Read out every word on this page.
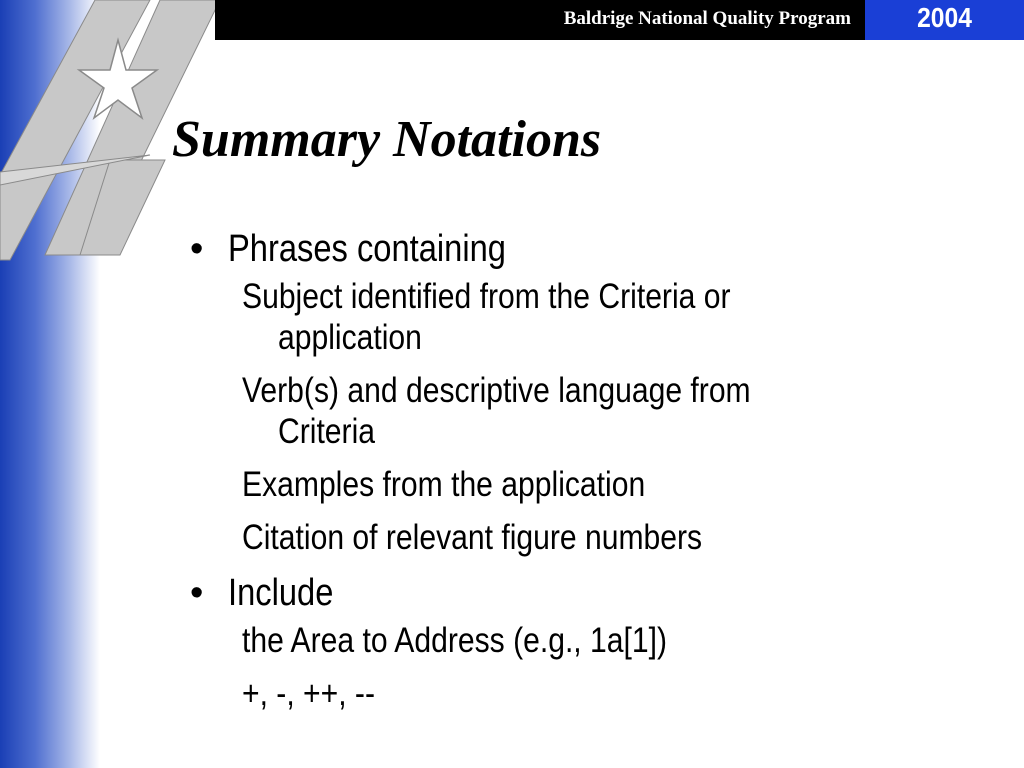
Baldrige National Quality Program	2004
Summary Notations
• Phrases containing
Subject identified from the Criteria or
application
Verb(s) and descriptive language from
Criteria
Examples from the application
Citation of relevant figure numbers
• Include
the Area to Address (e.g., 1a[1])
+, -, ++, --
